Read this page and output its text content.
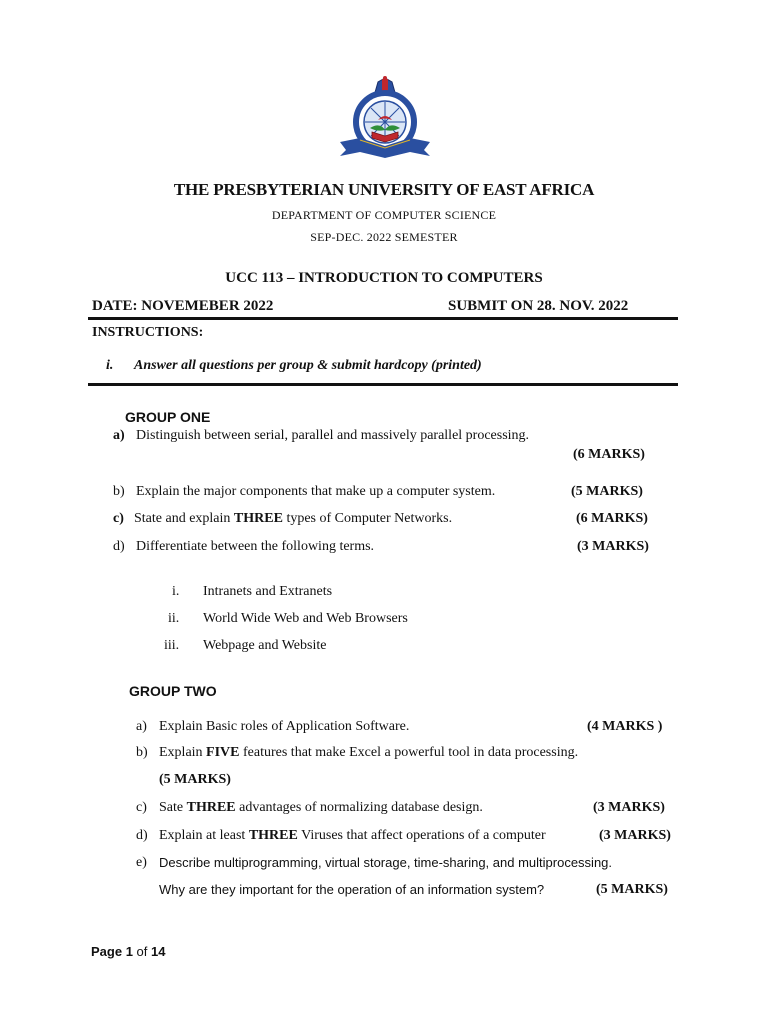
THE PRESBYTERIAN UNIVERSITY OF EAST AFRICA
DEPARTMENT OF COMPUTER SCIENCE
SEP-DEC. 2022 SEMESTER
UCC 113 – INTRODUCTION TO COMPUTERS
DATE: NOVEMEBER 2022	SUBMIT ON 28. NOV. 2022
INSTRUCTIONS:
i. Answer all questions per group & submit hardcopy (printed)
GROUP ONE
a) Distinguish between serial, parallel and massively parallel processing.
(6 MARKS)
b) Explain the major components that make up a computer system.	(5 MARKS)
c) State and explain THREE types of Computer Networks.	(6 MARKS)
d) Differentiate between the following terms.	(3 MARKS)
i. Intranets and Extranets
ii. World Wide Web and Web Browsers
iii. Webpage and Website
GROUP TWO
a) Explain Basic roles of Application Software.	(4 MARKS )
b) Explain FIVE features that make Excel a powerful tool in data processing.
(5 MARKS)
c) Sate THREE advantages of normalizing database design.	(3 MARKS)
d) Explain at least THREE Viruses that affect operations of a computer	(3 MARKS)
e) Describe multiprogramming, virtual storage, time-sharing, and multiprocessing.
Why are they important for the operation of an information system?	(5 MARKS)
Page 1 of 14
